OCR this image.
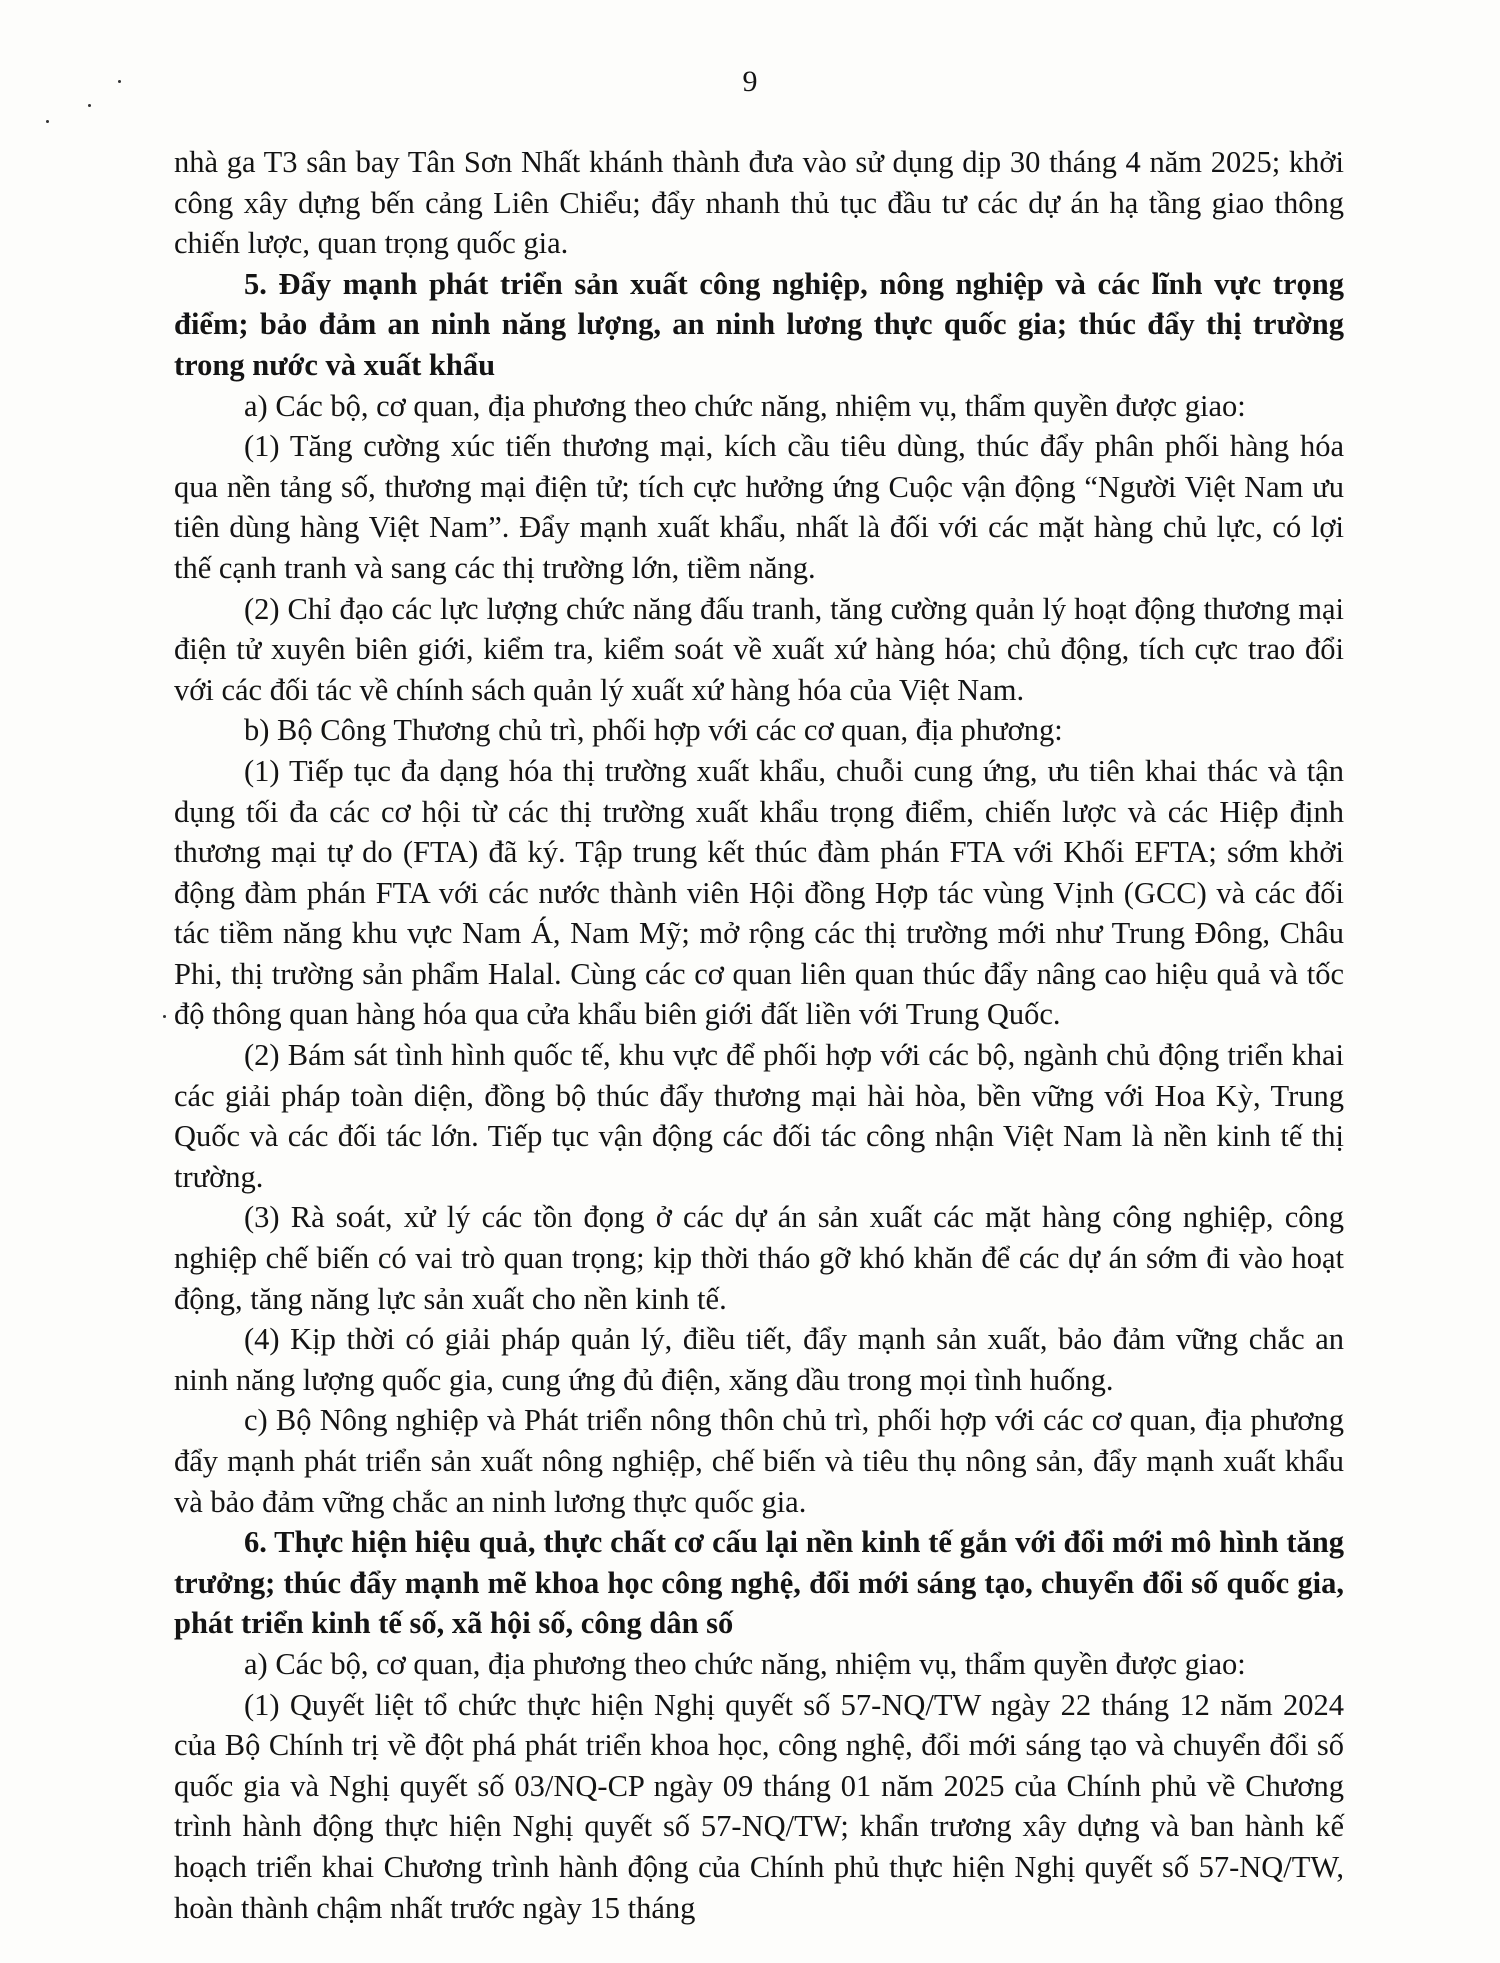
9

nhà ga T3 sân bay Tân Sơn Nhất khánh thành đưa vào sử dụng dịp 30 tháng 4 năm 2025; khởi công xây dựng bến cảng Liên Chiểu; đẩy nhanh thủ tục đầu tư các dự án hạ tầng giao thông chiến lược, quan trọng quốc gia.

5. Đẩy mạnh phát triển sản xuất công nghiệp, nông nghiệp và các lĩnh vực trọng điểm; bảo đảm an ninh năng lượng, an ninh lương thực quốc gia; thúc đẩy thị trường trong nước và xuất khẩu

a) Các bộ, cơ quan, địa phương theo chức năng, nhiệm vụ, thẩm quyền được giao:

(1) Tăng cường xúc tiến thương mại, kích cầu tiêu dùng, thúc đẩy phân phối hàng hóa qua nền tảng số, thương mại điện tử; tích cực hưởng ứng Cuộc vận động “Người Việt Nam ưu tiên dùng hàng Việt Nam”. Đẩy mạnh xuất khẩu, nhất là đối với các mặt hàng chủ lực, có lợi thế cạnh tranh và sang các thị trường lớn, tiềm năng.

(2) Chỉ đạo các lực lượng chức năng đấu tranh, tăng cường quản lý hoạt động thương mại điện tử xuyên biên giới, kiểm tra, kiểm soát về xuất xứ hàng hóa; chủ động, tích cực trao đổi với các đối tác về chính sách quản lý xuất xứ hàng hóa của Việt Nam.

b) Bộ Công Thương chủ trì, phối hợp với các cơ quan, địa phương:

(1) Tiếp tục đa dạng hóa thị trường xuất khẩu, chuỗi cung ứng, ưu tiên khai thác và tận dụng tối đa các cơ hội từ các thị trường xuất khẩu trọng điểm, chiến lược và các Hiệp định thương mại tự do (FTA) đã ký. Tập trung kết thúc đàm phán FTA với Khối EFTA; sớm khởi động đàm phán FTA với các nước thành viên Hội đồng Hợp tác vùng Vịnh (GCC) và các đối tác tiềm năng khu vực Nam Á, Nam Mỹ; mở rộng các thị trường mới như Trung Đông, Châu Phi, thị trường sản phẩm Halal. Cùng các cơ quan liên quan thúc đẩy nâng cao hiệu quả và tốc độ thông quan hàng hóa qua cửa khẩu biên giới đất liền với Trung Quốc.

(2) Bám sát tình hình quốc tế, khu vực để phối hợp với các bộ, ngành chủ động triển khai các giải pháp toàn diện, đồng bộ thúc đẩy thương mại hài hòa, bền vững với Hoa Kỳ, Trung Quốc và các đối tác lớn. Tiếp tục vận động các đối tác công nhận Việt Nam là nền kinh tế thị trường.

(3) Rà soát, xử lý các tồn đọng ở các dự án sản xuất các mặt hàng công nghiệp, công nghiệp chế biến có vai trò quan trọng; kịp thời tháo gỡ khó khăn để các dự án sớm đi vào hoạt động, tăng năng lực sản xuất cho nền kinh tế.

(4) Kịp thời có giải pháp quản lý, điều tiết, đẩy mạnh sản xuất, bảo đảm vững chắc an ninh năng lượng quốc gia, cung ứng đủ điện, xăng dầu trong mọi tình huống.

c) Bộ Nông nghiệp và Phát triển nông thôn chủ trì, phối hợp với các cơ quan, địa phương đẩy mạnh phát triển sản xuất nông nghiệp, chế biến và tiêu thụ nông sản, đẩy mạnh xuất khẩu và bảo đảm vững chắc an ninh lương thực quốc gia.

6. Thực hiện hiệu quả, thực chất cơ cấu lại nền kinh tế gắn với đổi mới mô hình tăng trưởng; thúc đẩy mạnh mẽ khoa học công nghệ, đổi mới sáng tạo, chuyển đổi số quốc gia, phát triển kinh tế số, xã hội số, công dân số

a) Các bộ, cơ quan, địa phương theo chức năng, nhiệm vụ, thẩm quyền được giao:

(1) Quyết liệt tổ chức thực hiện Nghị quyết số 57-NQ/TW ngày 22 tháng 12 năm 2024 của Bộ Chính trị về đột phá phát triển khoa học, công nghệ, đổi mới sáng tạo và chuyển đổi số quốc gia và Nghị quyết số 03/NQ-CP ngày 09 tháng 01 năm 2025 của Chính phủ về Chương trình hành động thực hiện Nghị quyết số 57-NQ/TW; khẩn trương xây dựng và ban hành kế hoạch triển khai Chương trình hành động của Chính phủ thực hiện Nghị quyết số 57-NQ/TW, hoàn thành chậm nhất trước ngày 15 tháng
